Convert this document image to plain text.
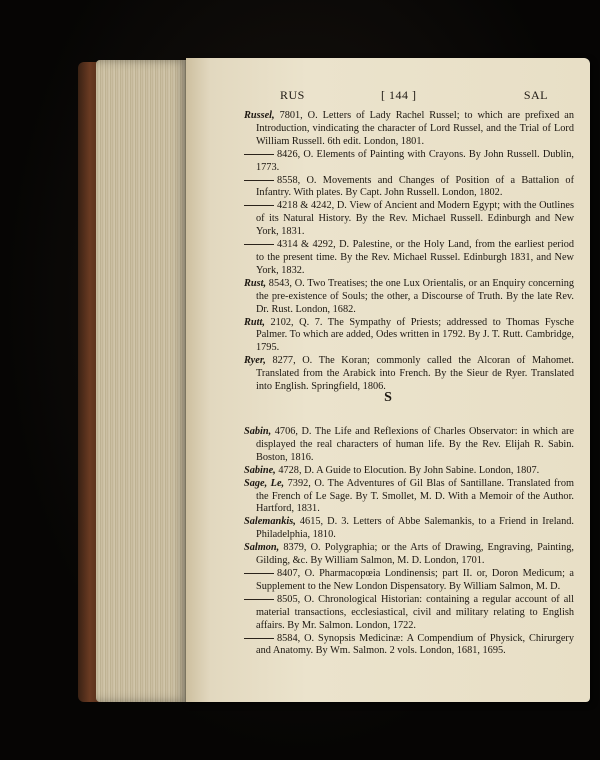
RUS	[ 144 ]	SAL

Russel, 7801, O. Letters of Lady Rachel Russel; to which are prefixed an Introduction, vindicating the character of Lord Russel, and the Trial of Lord William Russell. 6th edit. London, 1801.

8426, O. Elements of Painting with Crayons. By John Russell. Dublin, 1773.

8558, O. Movements and Changes of Position of a Battalion of Infantry. With plates. By Capt. John Russell. London, 1802.

4218 & 4242, D. View of Ancient and Modern Egypt; with the Outlines of its Natural History. By the Rev. Michael Russell. Edinburgh and New York, 1831.

4314 & 4292, D. Palestine, or the Holy Land, from the earliest period to the present time. By the Rev. Michael Russel. Edinburgh 1831, and New York, 1832.

Rust, 8543, O. Two Treatises; the one Lux Orientalis, or an Enquiry concerning the pre-existence of Souls; the other, a Discourse of Truth. By the late Rev. Dr. Rust. London, 1682.

Rutt, 2102, Q. 7. The Sympathy of Priests; addressed to Thomas Fysche Palmer. To which are added, Odes written in 1792. By J. T. Rutt. Cambridge, 1795.

Ryer, 8277, O. The Koran; commonly called the Alcoran of Mahomet. Translated from the Arabick into French. By the Sieur de Ryer. Translated into English. Springfield, 1806.

S

Sabin, 4706, D. The Life and Reflexions of Charles Observator: in which are displayed the real characters of human life. By the Rev. Elijah R. Sabin. Boston, 1816.

Sabine, 4728, D. A Guide to Elocution. By John Sabine. London, 1807.

Sage, Le, 7392, O. The Adventures of Gil Blas of Santillane. Translated from the French of Le Sage. By T. Smollet, M. D. With a Memoir of the Author. Hartford, 1831.

Salemankis, 4615, D. 3. Letters of Abbe Salemankis, to a Friend in Ireland. Philadelphia, 1810.

Salmon, 8379, O. Polygraphia; or the Arts of Drawing, Engraving, Painting, Gilding, &c. By William Salmon, M. D. London, 1701.

8407, O. Pharmacopœia Londinensis; part II. or, Doron Medicum; a Supplement to the New London Dispensatory. By William Salmon, M. D.

8505, O. Chronological Historian: containing a regular account of all material transactions, ecclesiastical, civil and military relating to English affairs. By Mr. Salmon. London, 1722.

8584, O. Synopsis Medicinæ: A Compendium of Physick, Chirurgery and Anatomy. By Wm. Salmon. 2 vols. London, 1681, 1695.
